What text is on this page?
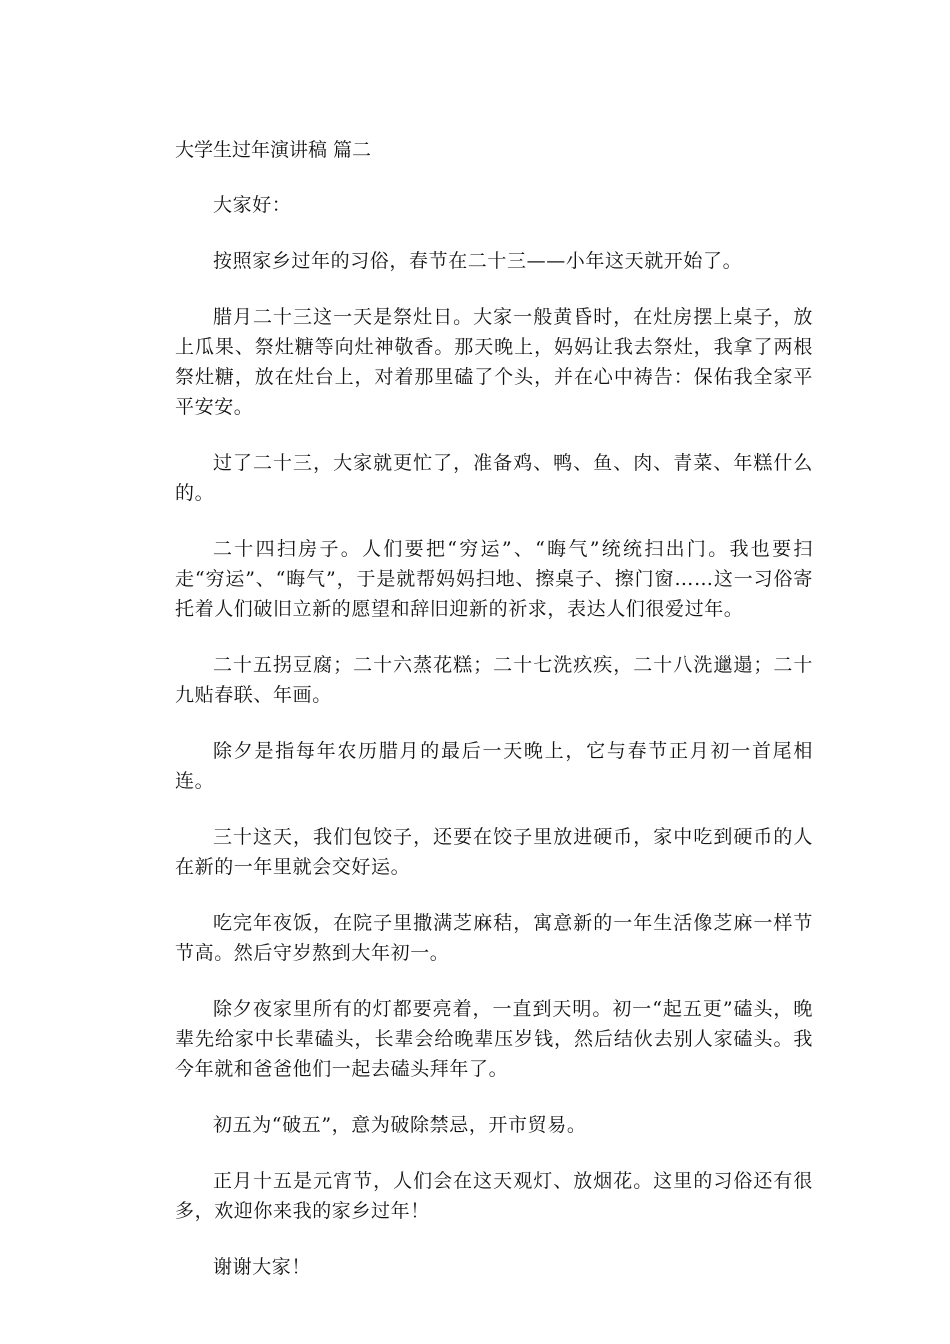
大学生过年演讲稿 篇二

大家好：

按照家乡过年的习俗，春节在二十三——小年这天就开始了。

腊月二十三这一天是祭灶日。大家一般黄昏时，在灶房摆上桌子，放上瓜果、祭灶糖等向灶神敬香。那天晚上，妈妈让我去祭灶，我拿了两根祭灶糖，放在灶台上，对着那里磕了个头，并在心中祷告：保佑我全家平平安安。

过了二十三，大家就更忙了，准备鸡、鸭、鱼、肉、青菜、年糕什么的。

二十四扫房子。人们要把“穷运”、“晦气”统统扫出门。我也要扫走“穷运”、“晦气”，于是就帮妈妈扫地、擦桌子、擦门窗……这一习俗寄托着人们破旧立新的愿望和辞旧迎新的祈求，表达人们很爱过年。

二十五拐豆腐；二十六蒸花糕；二十七洗疚疾，二十八洗邋遢；二十九贴春联、年画。

除夕是指每年农历腊月的最后一天晚上，它与春节正月初一首尾相连。

三十这天，我们包饺子，还要在饺子里放进硬币，家中吃到硬币的人在新的一年里就会交好运。

吃完年夜饭，在院子里撒满芝麻秸，寓意新的一年生活像芝麻一样节节高。然后守岁熬到大年初一。

除夕夜家里所有的灯都要亮着，一直到天明。初一“起五更”磕头，晚辈先给家中长辈磕头，长辈会给晚辈压岁钱，然后结伙去别人家磕头。我今年就和爸爸他们一起去磕头拜年了。

初五为“破五”，意为破除禁忌，开市贸易。

正月十五是元宵节，人们会在这天观灯、放烟花。这里的习俗还有很多，欢迎你来我的家乡过年！

谢谢大家！
